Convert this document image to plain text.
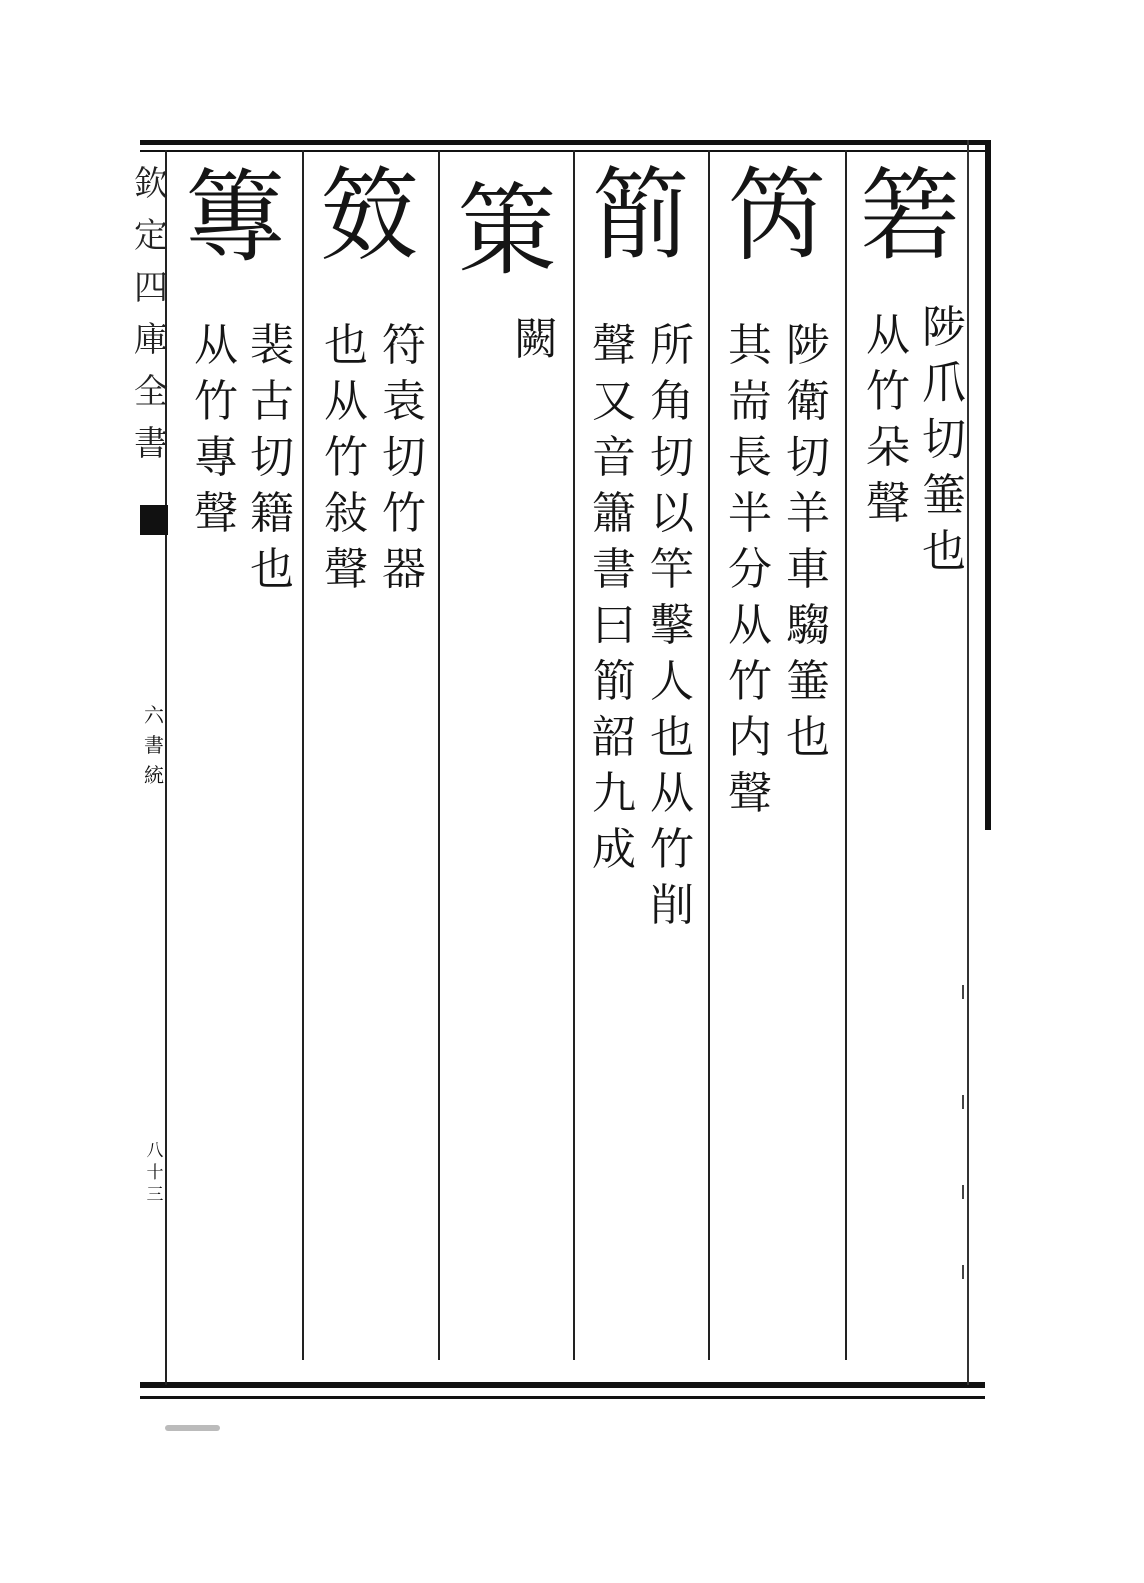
欽
定
四
庫
全
書
六
書
統
八
十
三
箬
陟
爪
切
箠
也
从
竹
朵
聲
笍
陟
衛
切
羊
車
騶
箠
也
其
耑
長
半
分
从
竹
内
聲
箾
所
角
切
以
竿
擊
人
也
从
竹
削
聲
又
音
簫
書
曰
箾
韶
九
成
䇿
闕
笯
符
袁
切
竹
器
也
从
竹
敍
聲
篿
裴
古
切
籍
也
从
竹
專
聲
